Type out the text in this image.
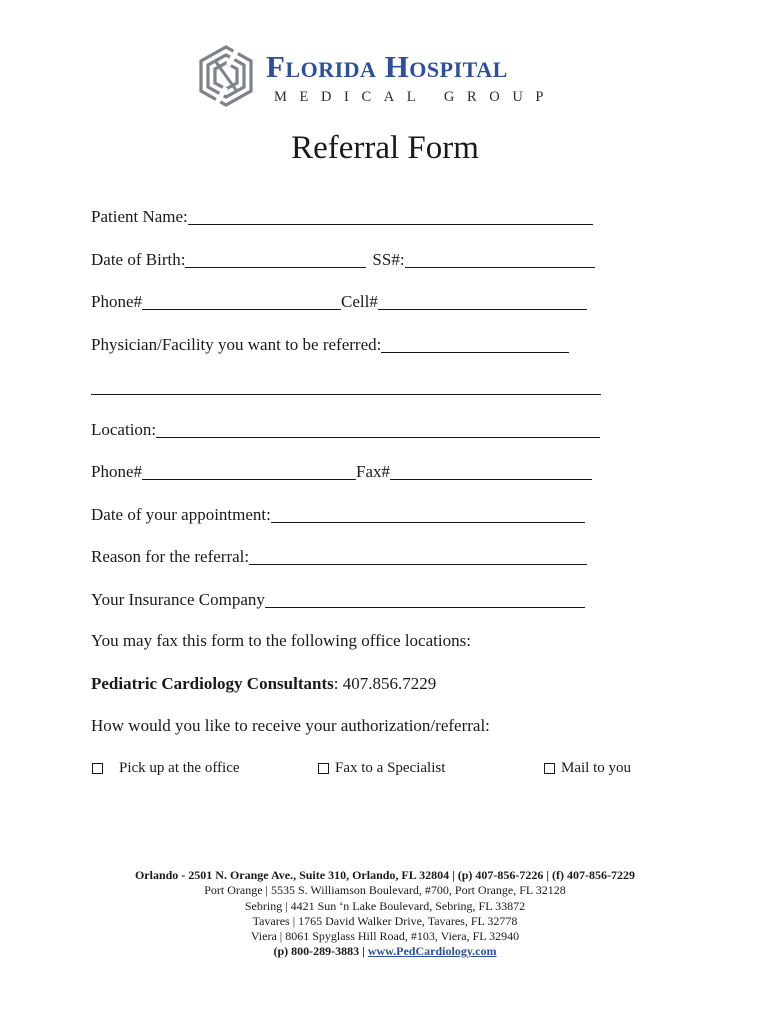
Florida Hospital
MEDICAL GROUP
Referral Form
Patient Name:
Date of Birth:	SS#:
Phone#	Cell#
Physician/Facility you want to be referred:
Location:
Phone#	Fax#
Date of your appointment:
Reason for the referral:
Your Insurance Company
You may fax this form to the following office locations:
Pediatric Cardiology Consultants: 407.856.7229
How would you like to receive your authorization/referral:
Pick up at the office	Fax to a Specialist	Mail to you
Orlando - 2501 N. Orange Ave., Suite 310, Orlando, FL 32804 | (p) 407-856-7226 | (f) 407-856-7229
Port Orange | 5535 S. Williamson Boulevard, #700, Port Orange, FL 32128
Sebring | 4421 Sun ‘n Lake Boulevard, Sebring, FL 33872
Tavares | 1765 David Walker Drive, Tavares, FL 32778
Viera | 8061 Spyglass Hill Road, #103, Viera, FL 32940
(p) 800-289-3883 | www.PedCardiology.com
